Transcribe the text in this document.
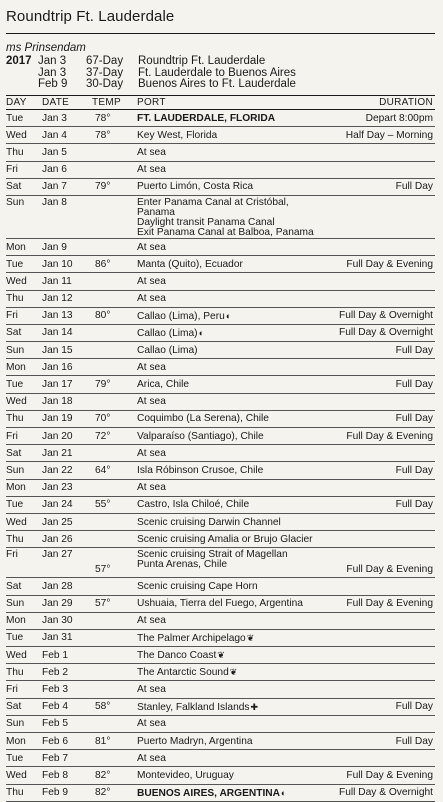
Roundtrip Ft. Lauderdale
ms Prinsendam
2017 Jan 3	67-Day	Roundtrip Ft. Lauderdale
Jan 3	37-Day	Ft. Lauderdale to Buenos Aires
Feb 9	30-Day	Buenos Aires to Ft. Lauderdale
DAY	DATE	TEMP	PORT	DURATION
Tue	Jan 3	78°	FT. LAUDERDALE, FLORIDA	Depart 8:00pm
Wed	Jan 4	78°	Key West, Florida	Half Day – Morning
Thu	Jan 5		At sea	
Fri	Jan 6		At sea	
Sat	Jan 7	79°	Puerto Limón, Costa Rica	Full Day
Sun	Jan 8		Enter Panama Canal at Cristóbal, Panama
Daylight transit Panama Canal
Exit Panama Canal at Balboa, Panama	
Mon	Jan 9		At sea	
Tue	Jan 10	86°	Manta (Quito), Ecuador	Full Day & Evening
Wed	Jan 11		At sea	
Thu	Jan 12		At sea	
Fri	Jan 13	80°	Callao (Lima), Peru◐	Full Day & Overnight
Sat	Jan 14		Callao (Lima)◐	Full Day & Overnight
Sun	Jan 15		Callao (Lima)	Full Day
Mon	Jan 16		At sea	
Tue	Jan 17	79°	Arica, Chile	Full Day
Wed	Jan 18		At sea	
Thu	Jan 19	70°	Coquimbo (La Serena), Chile	Full Day
Fri	Jan 20	72°	Valparaíso (Santiago), Chile	Full Day & Evening
Sat	Jan 21		At sea	
Sun	Jan 22	64°	Isla Róbinson Crusoe, Chile	Full Day
Mon	Jan 23		At sea	
Tue	Jan 24	55°	Castro, Isla Chiloé, Chile	Full Day
Wed	Jan 25		Scenic cruising Darwin Channel	
Thu	Jan 26		Scenic cruising Amalia or Brujo Glacier	
Fri	Jan 27	57°	Scenic cruising Strait of Magellan
Punta Arenas, Chile	Full Day & Evening
Sat	Jan 28		Scenic cruising Cape Horn	
Sun	Jan 29	57°	Ushuaia, Tierra del Fuego, Argentina	Full Day & Evening
Mon	Jan 30		At sea	
Tue	Jan 31		The Palmer Archipelago❦	
Wed	Feb 1		The Danco Coast❦	
Thu	Feb 2		The Antarctic Sound❦	
Fri	Feb 3		At sea	
Sat	Feb 4	58°	Stanley, Falkland Islands✚	Full Day
Sun	Feb 5		At sea	
Mon	Feb 6	81°	Puerto Madryn, Argentina	Full Day
Tue	Feb 7		At sea	
Wed	Feb 8	82°	Montevideo, Uruguay	Full Day & Evening
Thu	Feb 9	82°	BUENOS AIRES, ARGENTINA◐	Full Day & Overnight
